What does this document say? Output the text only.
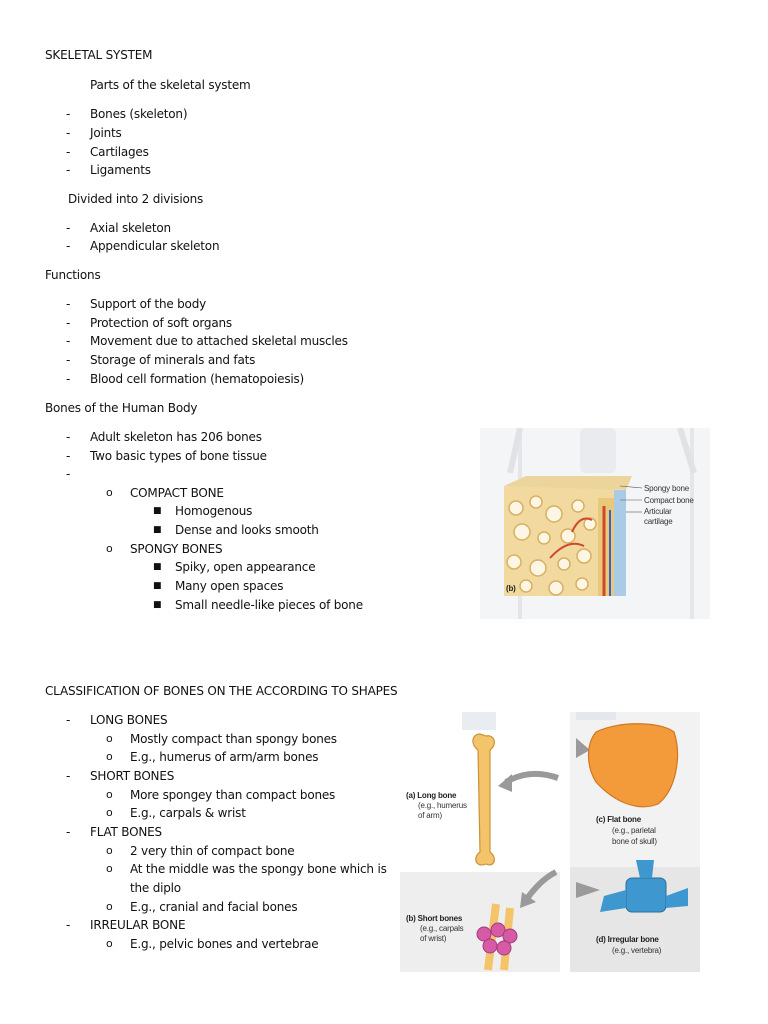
SKELETAL SYSTEM
Parts of the skeletal system
-	Bones (skeleton)
-	Joints
-	Cartilages
-	Ligaments
Divided into 2 divisions
-	Axial skeleton
-	Appendicular skeleton
Functions
-	Support of the body
-	Protection of soft organs
-	Movement due to attached skeletal muscles
-	Storage of minerals and fats
-	Blood cell formation (hematopoiesis)
Bones of the Human Body
-	Adult skeleton has 206 bones
-	Two basic types of bone tissue
-
o COMPACT BONE
■ Homogenous
■ Dense and looks smooth
o SPONGY BONES
■ Spiky, open appearance
■ Many open spaces
■ Small needle-like pieces of bone
Spongy bone
Compact bone
Articular
cartilage
(b)
CLASSIFICATION OF BONES ON THE ACCORDING TO SHAPES
-	LONG BONES
o Mostly compact than spongy bones
o E.g., humerus of arm/arm bones
-	SHORT BONES
o More spongey than compact bones
o E.g., carpals & wrist
-	FLAT BONES
o 2 very thin of compact bone
o At the middle was the spongy bone which is
the diplo
o E.g., cranial and facial bones
-	IRREULAR BONE
o E.g., pelvic bones and vertebrae
(a) Long bone
(e.g., humerus
of arm)	(c) Flat bone
(e.g., parietal
bone of skull)
(b) Short bones
(e.g., carpals
of wrist)	(d) Irregular bone
(e.g., vertebra)
